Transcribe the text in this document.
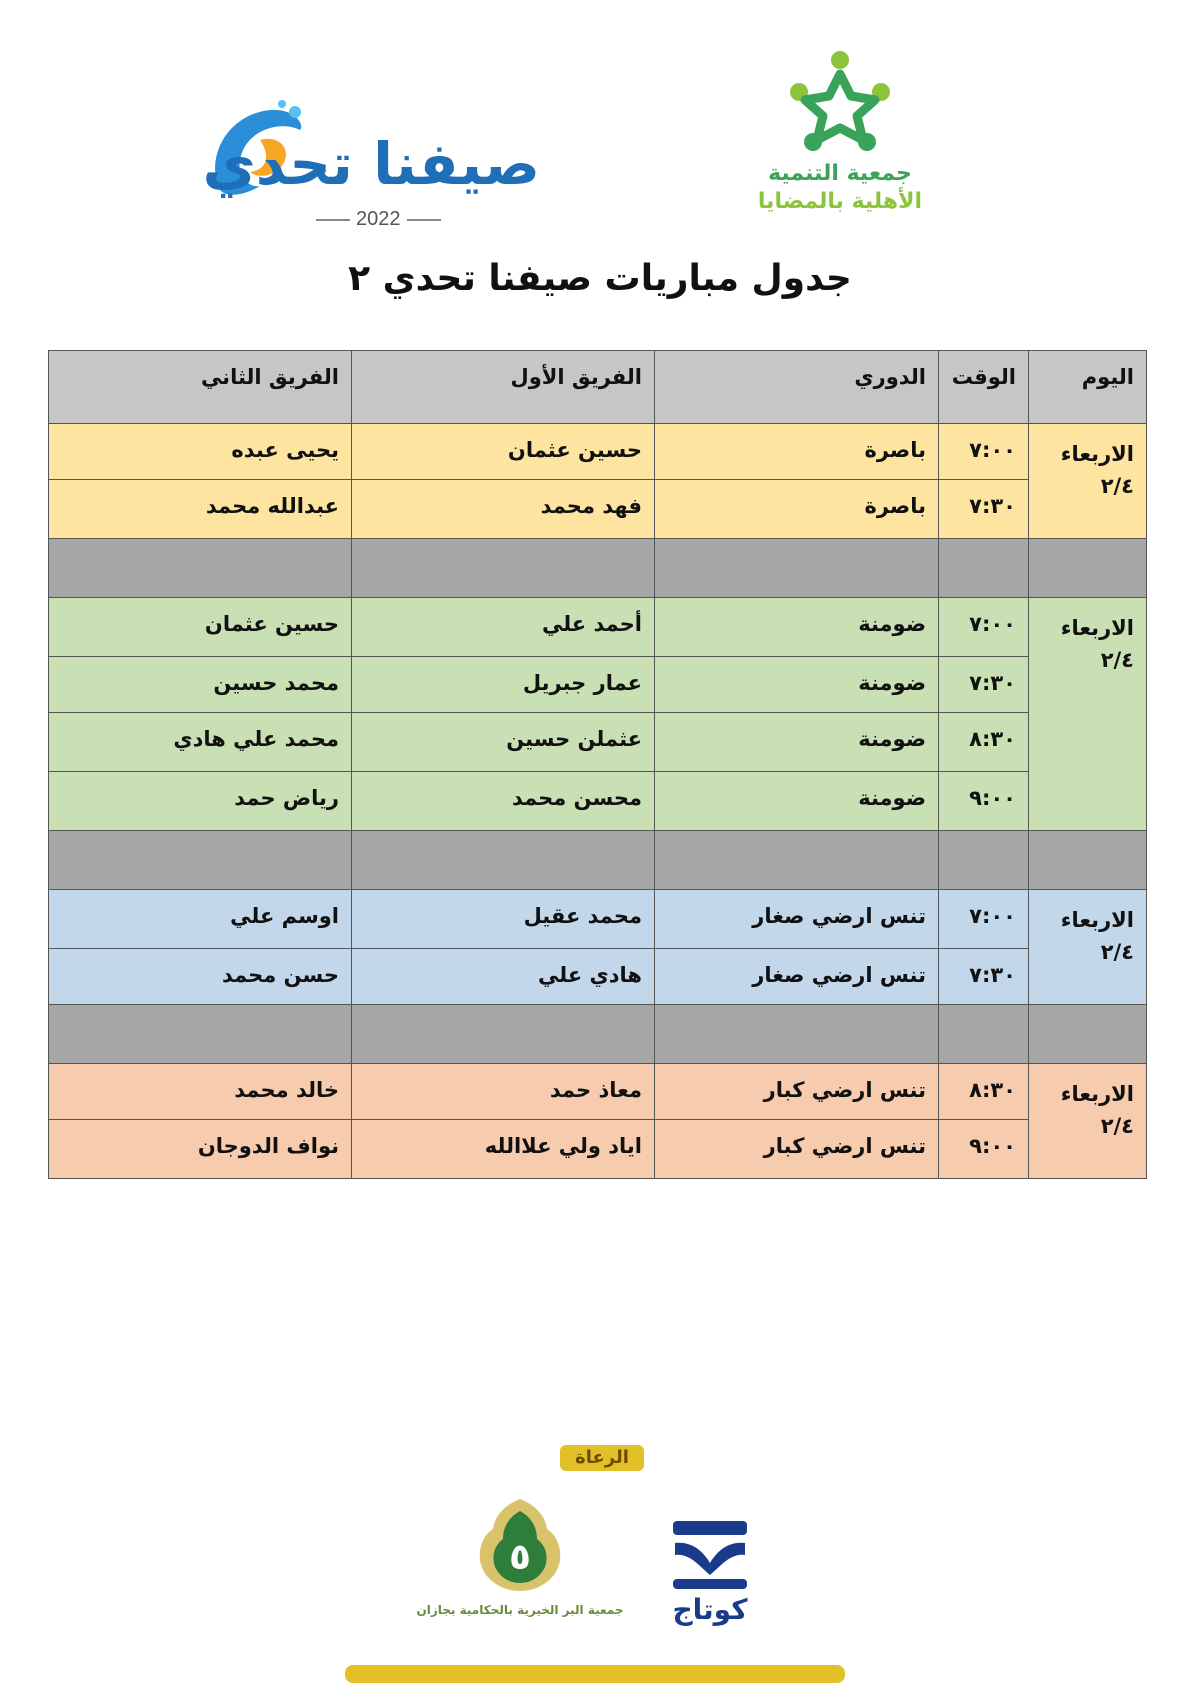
جمعية التنمية
الأهلية بالمضايا
صيفنا تحدي
2022
جدول مباريات صيفنا تحدي ٢
اليوم	الوقت	الدوري	الفريق الأول	الفريق الثاني
الاربعاء ٢/٤	٧:٠٠	باصرة	حسين عثمان	يحيى عبده
	٧:٣٠	باصرة	فهد محمد	عبدالله محمد

الاربعاء ٢/٤	٧:٠٠	ضومنة	أحمد علي	حسين عثمان
	٧:٣٠	ضومنة	عمار جبريل	محمد حسين
	٨:٣٠	ضومنة	عثملن حسين	محمد علي هادي
	٩:٠٠	ضومنة	محسن محمد	رياض حمد

الاربعاء ٢/٤	٧:٠٠	تنس ارضي صغار	محمد عقيل	اوسم علي
	٧:٣٠	تنس ارضي صغار	هادي علي	حسن محمد

الاربعاء ٢/٤	٨:٣٠	تنس ارضي كبار	معاذ حمد	خالد محمد
	٩:٠٠	تنس ارضي كبار	اياد ولي علاالله	نواف الدوجان
الرعاة
٥
جمعية البر الخيرية بالحكامية بجازان	كوتاج
